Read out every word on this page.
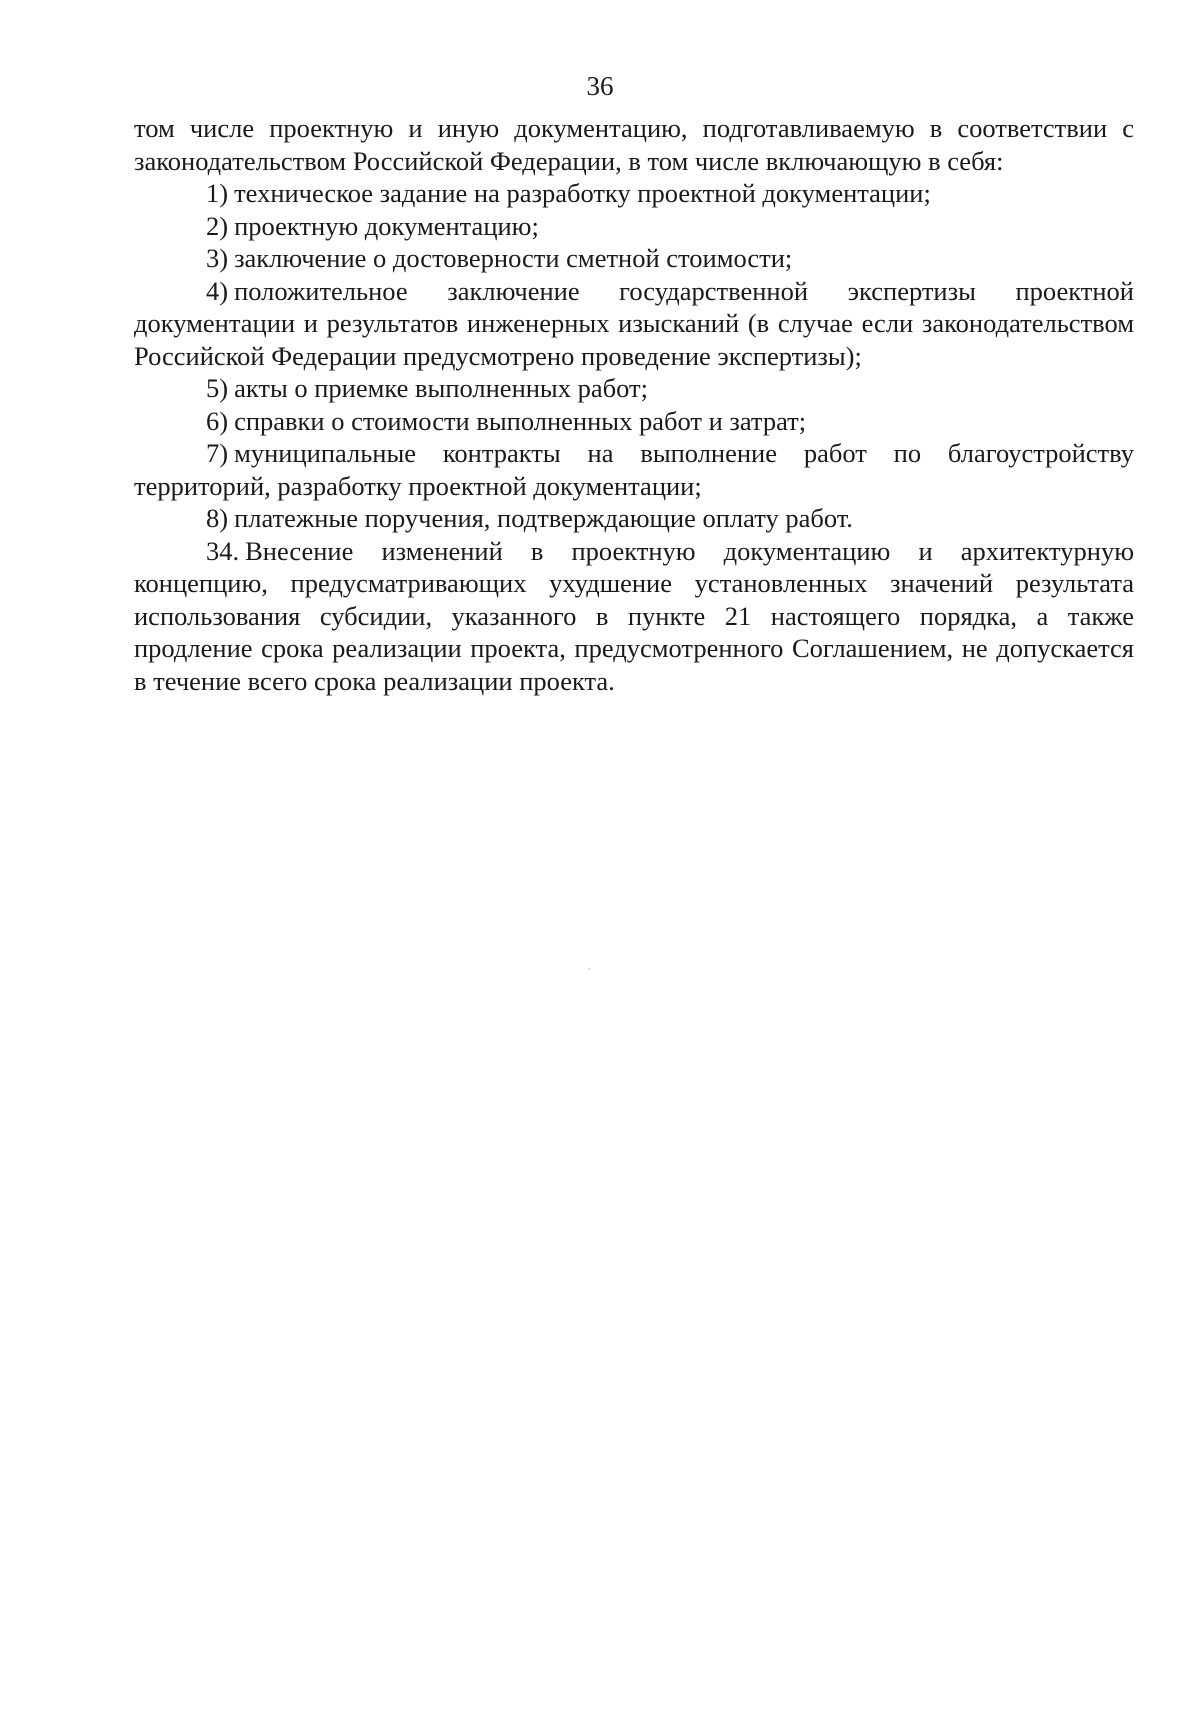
36

том числе проектную и иную документацию, подготавливаемую в соответствии с законодательством Российской Федерации, в том числе включающую в себя:

1) техническое задание на разработку проектной документации;

2) проектную документацию;

3) заключение о достоверности сметной стоимости;

4) положительное заключение государственной экспертизы проектной документации и результатов инженерных изысканий (в случае если законодательством Российской Федерации предусмотрено проведение экспертизы);

5) акты о приемке выполненных работ;

6) справки о стоимости выполненных работ и затрат;

7) муниципальные контракты на выполнение работ по благоустройству территорий, разработку проектной документации;

8) платежные поручения, подтверждающие оплату работ.

34. Внесение изменений в проектную документацию и архитектурную концепцию, предусматривающих ухудшение установленных значений результата использования субсидии, указанного в пункте 21 настоящего порядка, а также продление срока реализации проекта, предусмотренного Соглашением, не допускается в течение всего срока реализации проекта.
